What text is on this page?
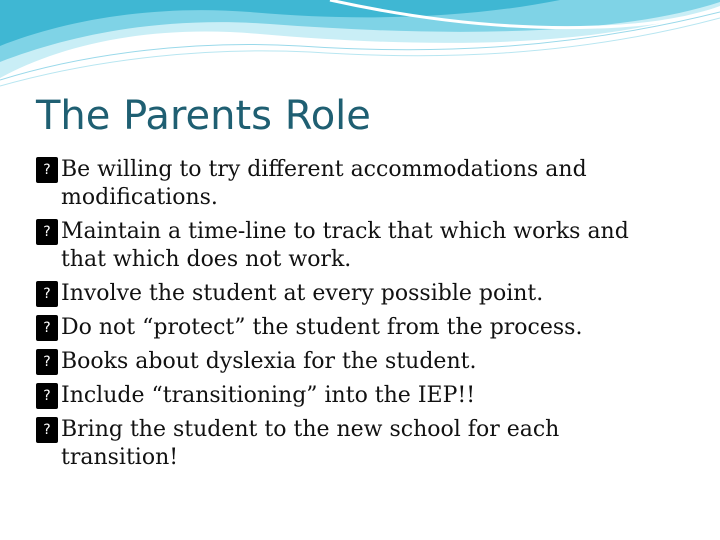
The Parents Role
? Be willing to try different accommodations and modifications.
? Maintain a time-line to track that which works and that which does not work.
? Involve the student at every possible point.
? Do not “protect” the student from the process.
? Books about dyslexia for the student.
? Include “transitioning” into the IEP!!
? Bring the student to the new school for each transition!
